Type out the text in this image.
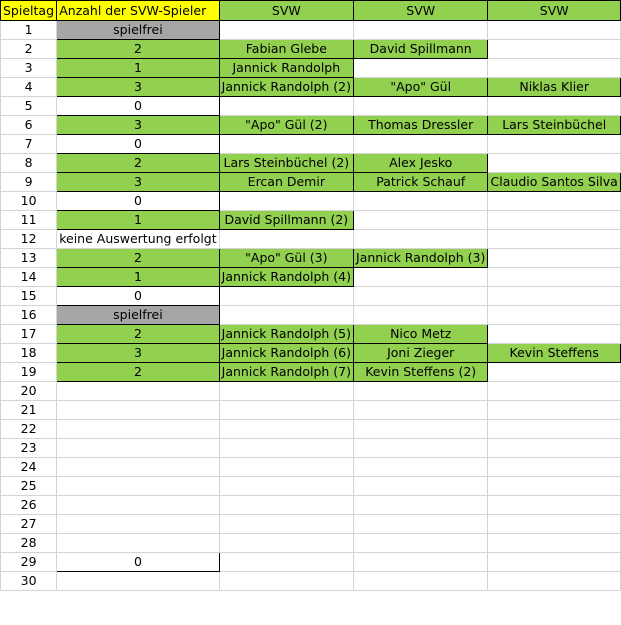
Spieltag	Anzahl der SVW-Spieler	SVW	SVW	SVW
1	spielfrei			
2	2	Fabian Glebe	David Spillmann	
3	1	Jannick Randolph		
4	3	Jannick Randolph (2)	"Apo" Gül	Niklas Klier
5	0			
6	3	"Apo" Gül (2)	Thomas Dressler	Lars Steinbüchel
7	0			
8	2	Lars Steinbüchel (2)	Alex Jesko	
9	3	Ercan Demir	Patrick Schauf	Claudio Santos Silva
10	0			
11	1	David Spillmann (2)		
12	keine Auswertung erfolgt			
13	2	"Apo" Gül (3)	Jannick Randolph (3)	
14	1	Jannick Randolph (4)		
15	0			
16	spielfrei			
17	2	Jannick Randolph (5)	Nico Metz	
18	3	Jannick Randolph (6)	Joni Zieger	Kevin Steffens
19	2	Jannick Randolph (7)	Kevin Steffens (2)	
20				
21				
22				
23				
24				
25				
26				
27				
28				
29	0			
30				
